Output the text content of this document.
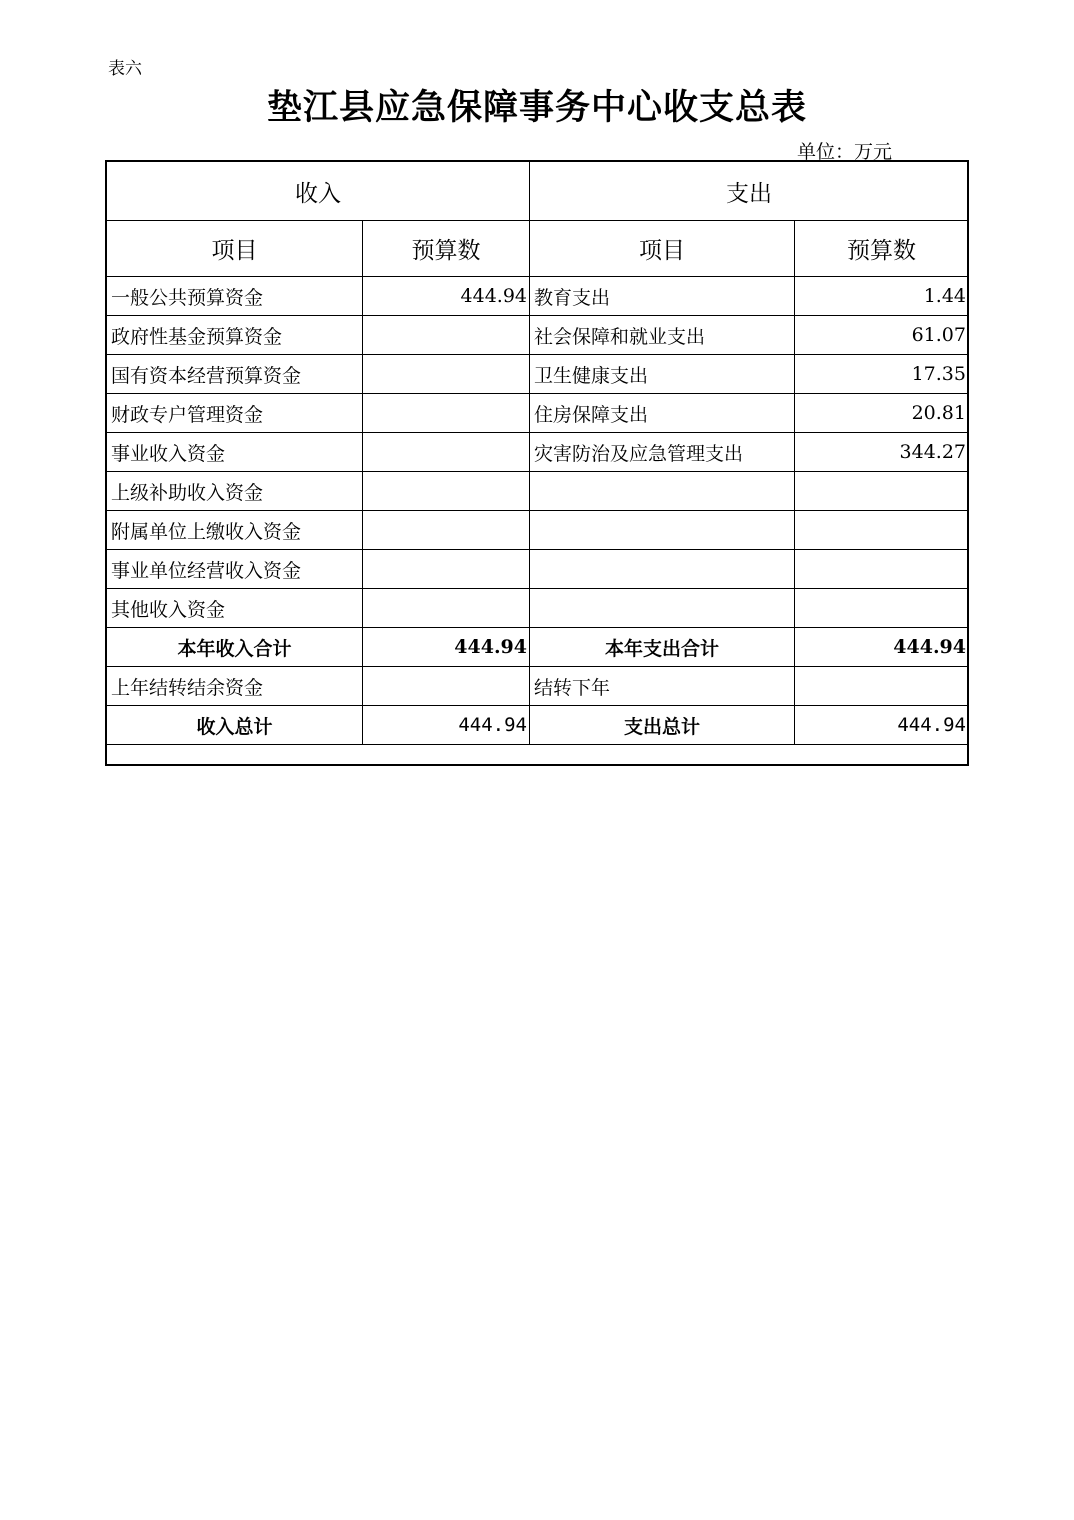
表六
垫江县应急保障事务中心收支总表
单位：万元
收入		支出	
项目	预算数	项目	预算数
一般公共预算资金	444.94	教育支出	1.44
政府性基金预算资金		社会保障和就业支出	61.07
国有资本经营预算资金		卫生健康支出	17.35
财政专户管理资金		住房保障支出	20.81
事业收入资金		灾害防治及应急管理支出	344.27
上级补助收入资金			
附属单位上缴收入资金			
事业单位经营收入资金			
其他收入资金			
本年收入合计	444.94	本年支出合计	444.94
上年结转结余资金		结转下年	
收入总计	444.94	支出总计	444.94
